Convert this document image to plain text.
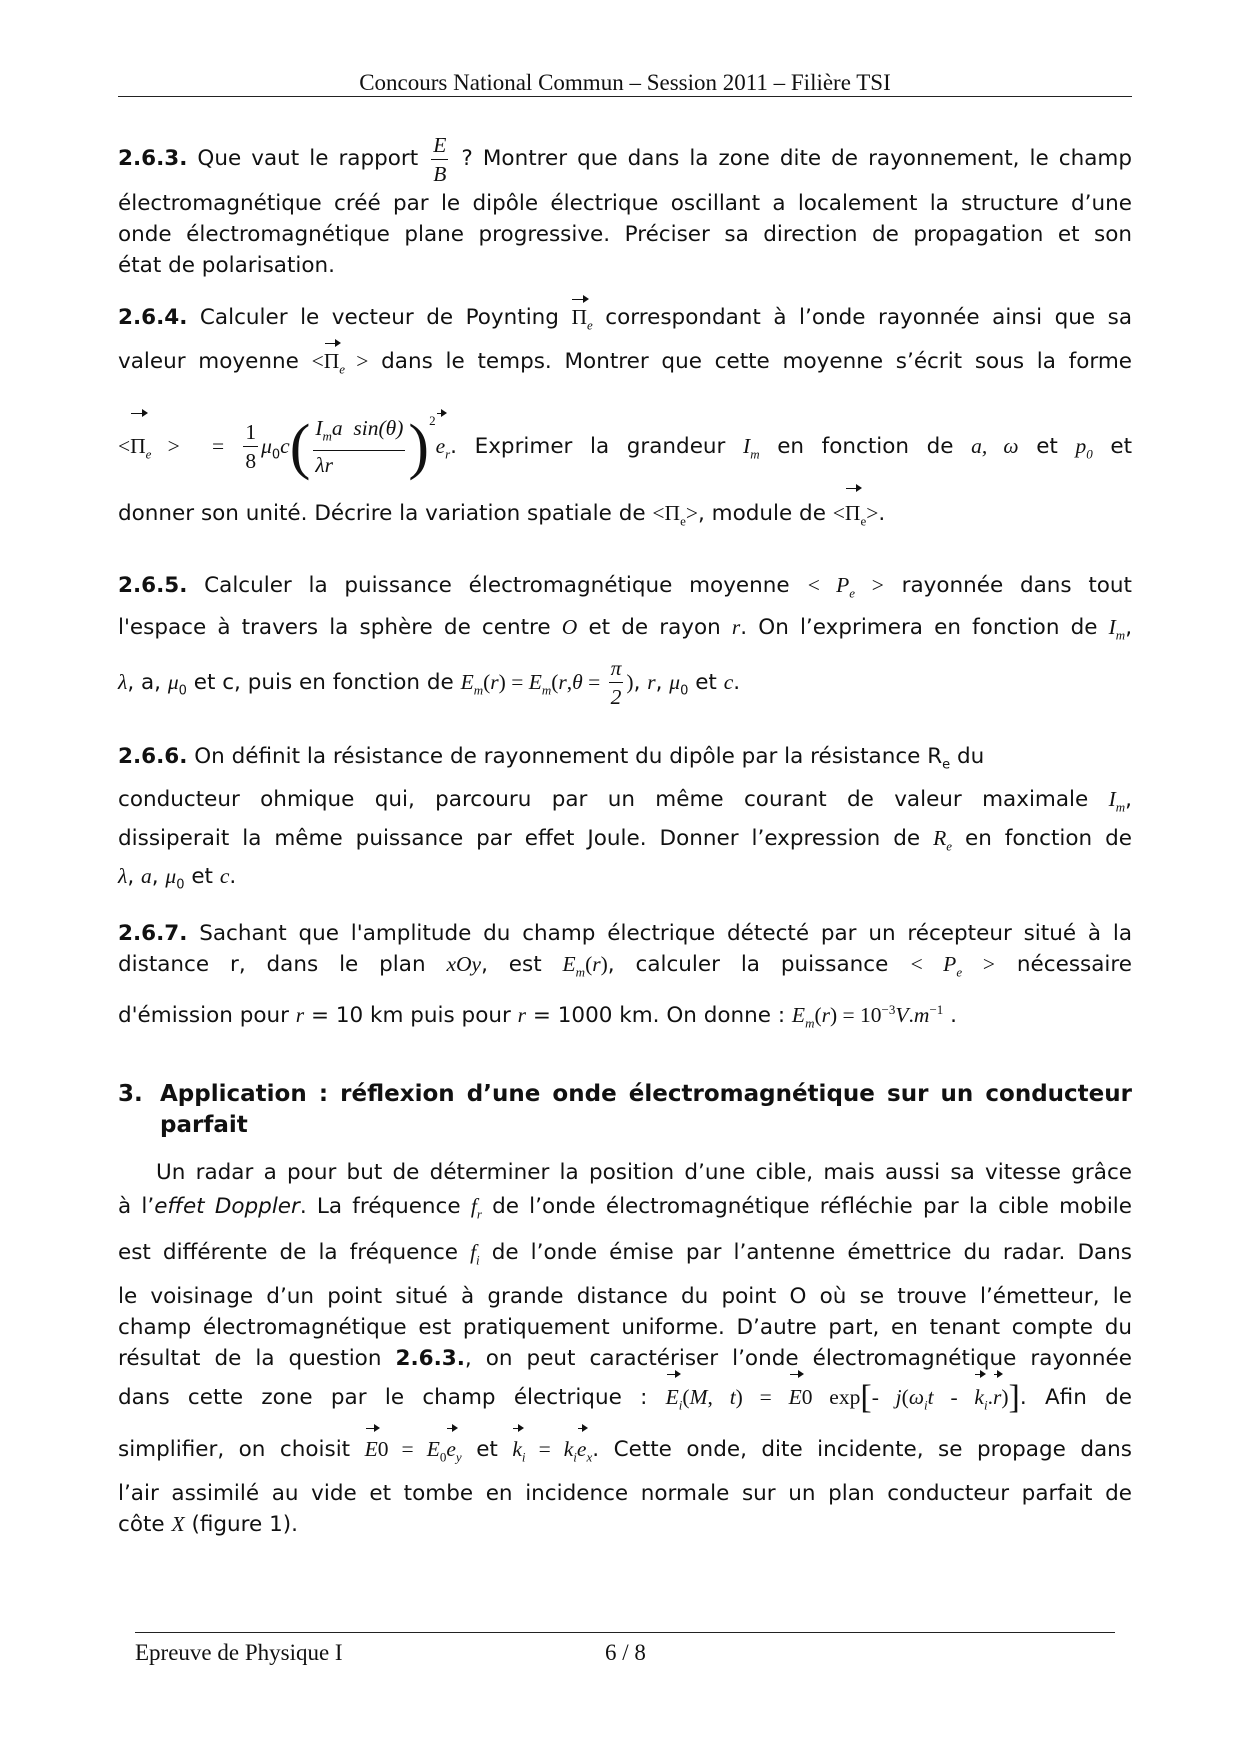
Concours National Commun – Session 2011 – Filière TSI
2.6.3. Que vaut le rapport $\frac{E}{B}$ ? Montrer que dans la zone dite de rayonnement, le champ
électromagnétique créé par le dipôle électrique oscillant a localement la structure d’une
onde électromagnétique plane progressive. Préciser sa direction de propagation et son
état de polarisation.
2.6.4. Calculer le vecteur de Poynting $\Pi_e$ correspondant à l’onde rayonnée ainsi que sa
valeur moyenne $<\Pi_e$ > dans le temps. Montrer que cette moyenne s’écrit sous la forme
$<\Pi_e$ >  = $\frac{1}{8} \mu_0c( \frac{I_ma \sin(\theta)}{\lambda r} )^2e_r$. Exprimer la grandeur $I_m$ en fonction de a, ω et $p_0$ et
donner son unité. Décrire la variation spatiale de $<\Pi_e>$, module de $<\Pi_e>$.
2.6.5. Calculer la puissance électromagnétique moyenne < $P_e$ > rayonnée dans tout
l'espace à travers la sphère de centre O et de rayon r. On l’exprimera en fonction de $I_m$,
λ, a, $\mu_0$ et c, puis en fonction de $E_m(r) = E_m(r,\theta = \frac{\pi}{2}$ ), r, $\mu_0$ et c.
2.6.6. On définit la résistance de rayonnement du dipôle par la résistance $R_e$ du
conducteur ohmique qui, parcouru par un même courant de valeur maximale $I_m$,
dissiperait la même puissance par effet Joule. Donner l’expression de $R_e$ en fonction de
λ, a, $\mu_0$ et c.
2.6.7. Sachant que l'amplitude du champ électrique détecté par un récepteur situé à la
distance r, dans le plan xOy, est $E_m(r)$, calculer la puissance < $P_e$ > nécessaire
d'émission pour r = 10 km puis pour r = 1000 km. On donne : $E_m(r) = 10^{-3}V.m^{-1}$ .
3. Application : réflexion d’une onde électromagnétique sur un conducteur
parfait
Un radar a pour but de déterminer la position d’une cible, mais aussi sa vitesse grâce
à l’effet Doppler. La fréquence $f_r$ de l’onde électromagnétique réfléchie par la cible mobile
est différente de la fréquence $f_i$ de l’onde émise par l’antenne émettrice du radar. Dans
le voisinage d’un point situé à grande distance du point O où se trouve l’émetteur, le
champ électromagnétique est pratiquement uniforme. D’autre part, en tenant compte du
résultat de la question 2.6.3., on peut caractériser l’onde électromagnétique rayonnée
dans cette zone par le champ électrique : $E_i(M$, t) = E0 exp[- $j(\omega_it - k_i.r)$]. Afin de
simplifier, on choisit $E0 = E_0e_y$ et $k_i = k_ie_x$. Cette onde, dite incidente, se propage dans
l’air assimilé au vide et tombe en incidence normale sur un plan conducteur parfait de
côte X (figure 1).
Epreuve de Physique I	6 / 8
